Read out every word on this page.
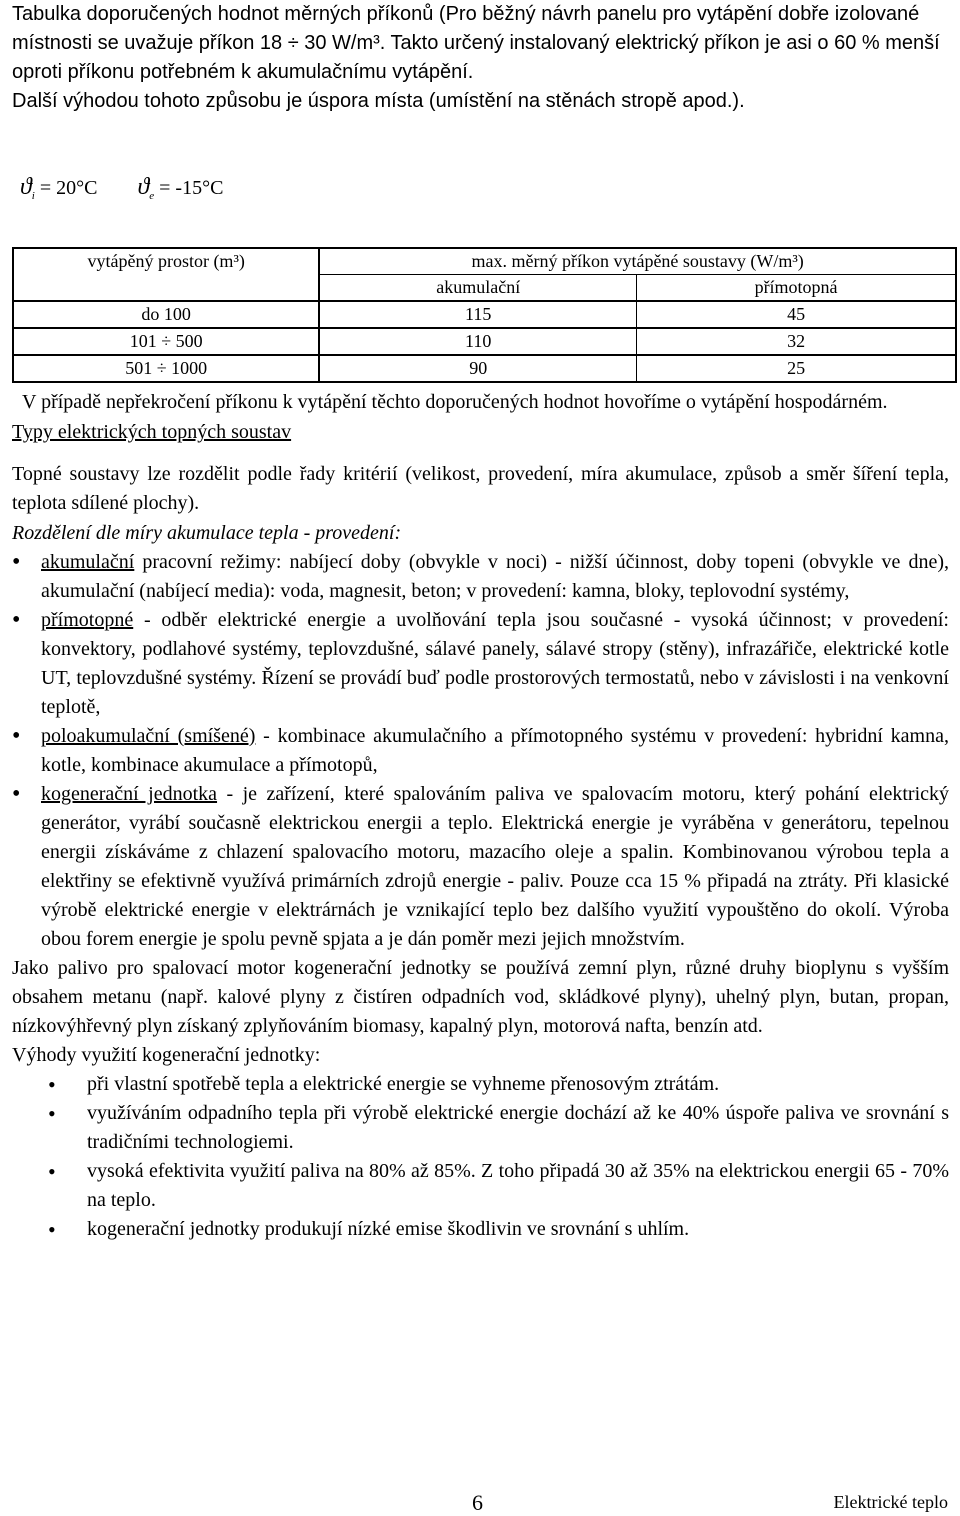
Tabulka doporučených hodnot měrných příkonů (Pro běžný návrh panelu pro vytápění dobře izolované místnosti se uvažuje příkon 18 ÷ 30 W/m³. Takto určený instalovaný elektrický příkon je asi o 60 % menší oproti příkonu potřebném k akumulačnímu vytápění.

Další výhodou tohoto způsobu je úspora místa (umístění na stěnách stropě apod.).

$ϑ_i = 20^\circ C$ $ϑ_e = -15^\circ C$
vytápěný prostor (m³)	max. měrný příkon vytápěné soustavy (W/m³)	
	akumulační	přímotopná
do 100	115	45
101 ÷ 500	110	32
501 ÷ 1000	90	25

V případě nepřekročení příkonu k vytápění těchto doporučených hodnot hovoříme o vytápění hospodárném.

Typy elektrických topných soustav

Topné soustavy lze rozdělit podle řady kritérií (velikost, provedení, míra akumulace, způsob a směr šíření tepla, teplota sdílené plochy).

Rozdělení dle míry akumulace tepla - provedení:

• akumulační pracovní režimy: nabíjecí doby (obvykle v noci) - nižší účinnost, doby topeni (obvykle ve dne), akumulační (nabíjecí media): voda, magnesit, beton; v provedení: kamna, bloky, teplovodní systémy,
• přímotopné - odběr elektrické energie a uvolňování tepla jsou současné - vysoká účinnost; v provedení: konvektory, podlahové systémy, teplovzdušné, sálavé panely, sálavé stropy (stěny), infrazářiče, elektrické kotle UT, teplovzdušné systémy. Řízení se provádí buď podle prostorových termostatů, nebo v závislosti i na venkovní teplotě,
• poloakumulační (smíšené) - kombinace akumulačního a přímotopného systému v provedení: hybridní kamna, kotle, kombinace akumulace a přímotopů,
• kogenerační jednotka - je zařízení, které spalováním paliva ve spalovacím motoru, který pohání elektrický generátor, vyrábí současně elektrickou energii a teplo. Elektrická energie je vyráběna v generátoru, tepelnou energii získáváme z chlazení spalovacího motoru, mazacího oleje a spalin. Kombinovanou výrobou tepla a elektřiny se efektivně využívá primárních zdrojů energie - paliv. Pouze cca 15 % připadá na ztráty. Při klasické výrobě elektrické energie v elektrárnách je vznikající teplo bez dalšího využití vypouštěno do okolí. Výroba obou forem energie je spolu pevně spjata a je dán poměr mezi jejich množstvím.

Jako palivo pro spalovací motor kogenerační jednotky se používá zemní plyn, různé druhy bioplynu s vyšším obsahem metanu (např. kalové plyny z čistíren odpadních vod, skládkové plyny), uhelný plyn, butan, propan, nízkovýhřevný plyn získaný zplyňováním biomasy, kapalný plyn, motorová nafta, benzín atd.

Výhody využití kogenerační jednotky:

• při vlastní spotřebě tepla a elektrické energie se vyhneme přenosovým ztrátám.
• využíváním odpadního tepla při výrobě elektrické energie dochází až ke 40% úspoře paliva ve srovnání s tradičními technologiemi.
• vysoká efektivita využití paliva na 80% až 85%. Z toho připadá 30 až 35% na elektrickou energii 65 - 70% na teplo.
• kogenerační jednotky produkují nízké emise škodlivin ve srovnání s uhlím.
6	Elektrické teplo
